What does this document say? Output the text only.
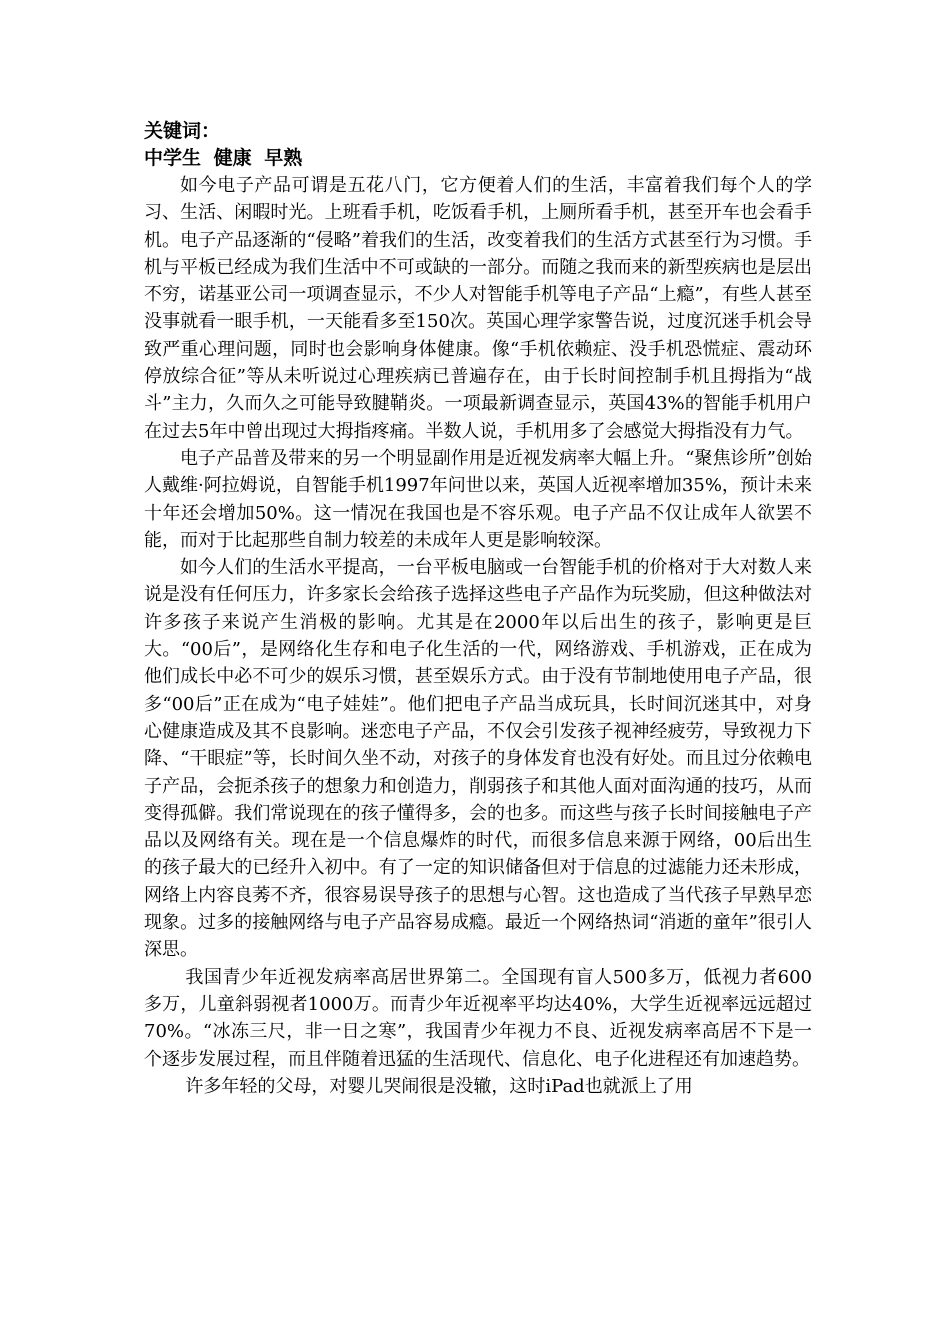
关键词：

中学生 健康 早熟

如今电子产品可谓是五花八门，它方便着人们的生活，丰富着我们每个人的学习、生活、闲暇时光。上班看手机，吃饭看手机，上厕所看手机，甚至开车也会看手机。电子产品逐渐的“侵略”着我们的生活，改变着我们的生活方式甚至行为习惯。手机与平板已经成为我们生活中不可或缺的一部分。而随之我而来的新型疾病也是层出不穷，诺基亚公司一项调查显示，不少人对智能手机等电子产品“上瘾”，有些人甚至没事就看一眼手机，一天能看多至150次。英国心理学家警告说，过度沉迷手机会导致严重心理问题，同时也会影响身体健康。像“手机依赖症、没手机恐慌症、震动环停放综合征”等从未听说过心理疾病已普遍存在，由于长时间控制手机且拇指为“战斗”主力，久而久之可能导致腱鞘炎。一项最新调查显示，英国43%的智能手机用户在过去5年中曾出现过大拇指疼痛。半数人说，手机用多了会感觉大拇指没有力气。

电子产品普及带来的另一个明显副作用是近视发病率大幅上升。“聚焦诊所”创始人戴维·阿拉姆说，自智能手机1997年问世以来，英国人近视率增加35%，预计未来十年还会增加50%。这一情况在我国也是不容乐观。电子产品不仅让成年人欲罢不能，而对于比起那些自制力较差的未成年人更是影响较深。

如今人们的生活水平提高，一台平板电脑或一台智能手机的价格对于大对数人来说是没有任何压力，许多家长会给孩子选择这些电子产品作为玩奖励，但这种做法对许多孩子来说产生消极的影响。尤其是在2000年以后出生的孩子，影响更是巨大。“00后”，是网络化生存和电子化生活的一代，网络游戏、手机游戏，正在成为他们成长中必不可少的娱乐习惯，甚至娱乐方式。由于没有节制地使用电子产品，很多“00后”正在成为“电子娃娃”。他们把电子产品当成玩具，长时间沉迷其中，对身心健康造成及其不良影响。迷恋电子产品，不仅会引发孩子视神经疲劳，导致视力下降、“干眼症”等，长时间久坐不动，对孩子的身体发育也没有好处。而且过分依赖电子产品，会扼杀孩子的想象力和创造力，削弱孩子和其他人面对面沟通的技巧，从而变得孤僻。我们常说现在的孩子懂得多，会的也多。而这些与孩子长时间接触电子产品以及网络有关。现在是一个信息爆炸的时代，而很多信息来源于网络，00后出生的孩子最大的已经升入初中。有了一定的知识储备但对于信息的过滤能力还未形成，网络上内容良莠不齐，很容易误导孩子的思想与心智。这也造成了当代孩子早熟早恋现象。过多的接触网络与电子产品容易成瘾。最近一个网络热词“消逝的童年”很引人深思。

我国青少年近视发病率高居世界第二。全国现有盲人500多万，低视力者600多万，儿童斜弱视者1000万。而青少年近视率平均达40%，大学生近视率远远超过70%。“冰冻三尺，非一日之寒”，我国青少年视力不良、近视发病率高居不下是一个逐步发展过程，而且伴随着迅猛的生活现代、信息化、电子化进程还有加速趋势。

许多年轻的父母，对婴儿哭闹很是没辙，这时iPad也就派上了用
